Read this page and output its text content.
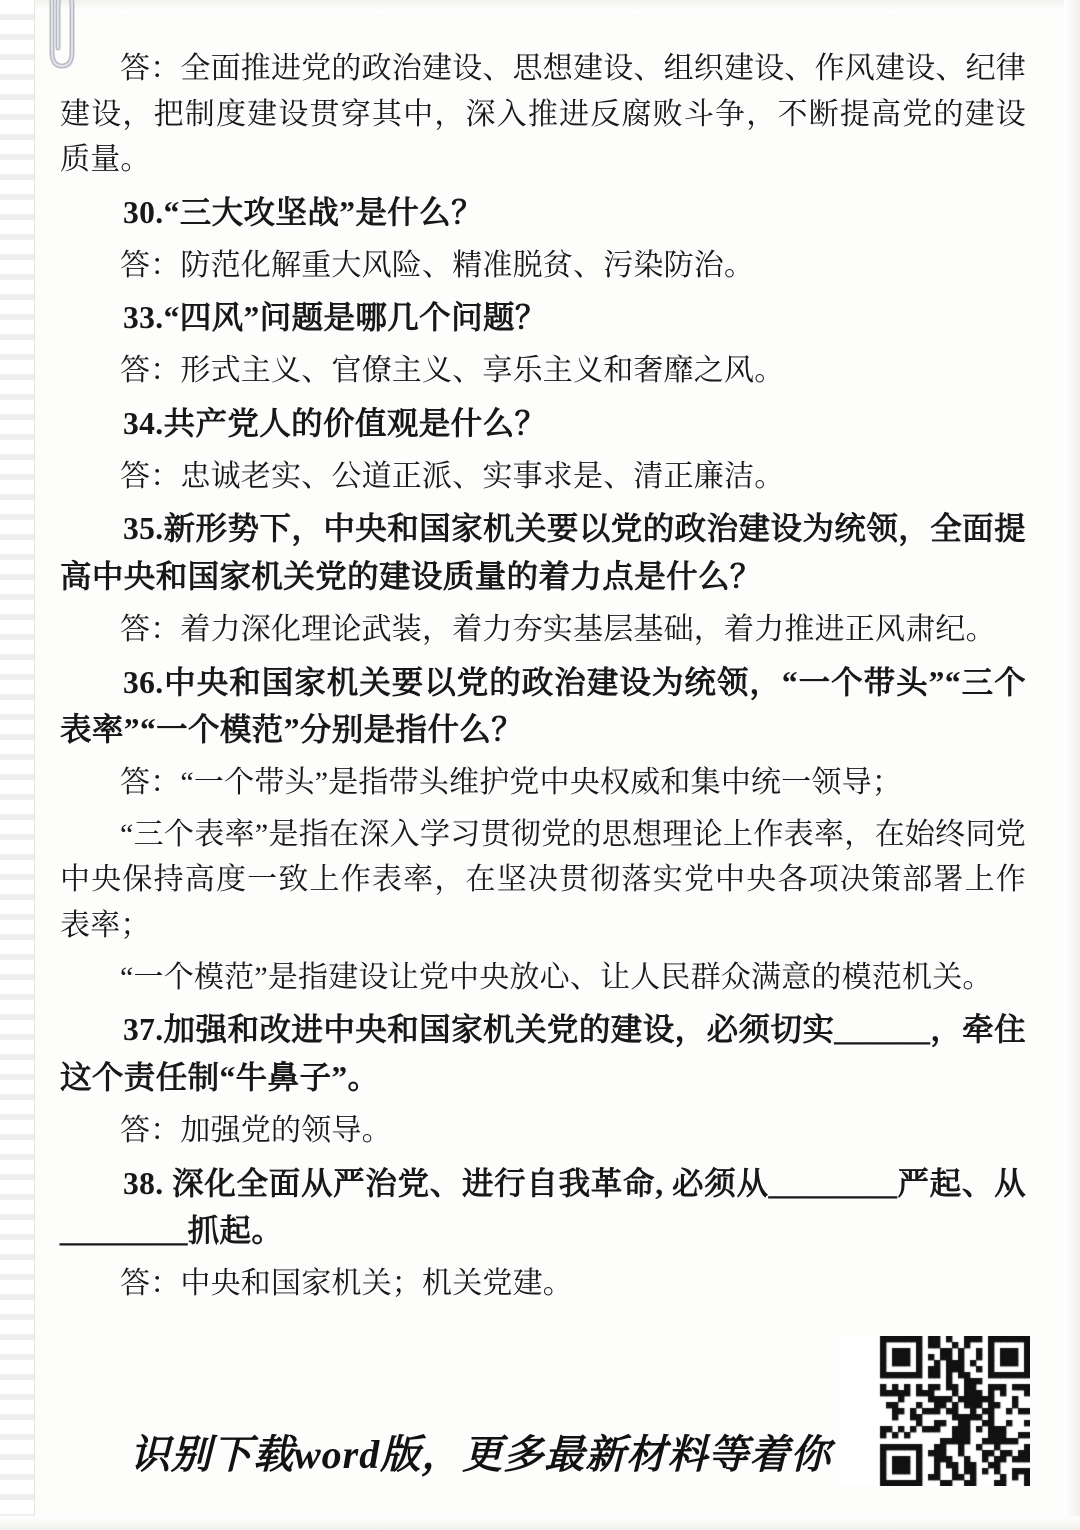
答：全面推进党的政治建设、思想建设、组织建设、作风建设、纪律建设，把制度建设贯穿其中，深入推进反腐败斗争，不断提高党的建设质量。

30.“三大攻坚战”是什么？

答：防范化解重大风险、精准脱贫、污染防治。

33.“四风”问题是哪几个问题？

答：形式主义、官僚主义、享乐主义和奢靡之风。

34.共产党人的价值观是什么？

答：忠诚老实、公道正派、实事求是、清正廉洁。

35.新形势下，中央和国家机关要以党的政治建设为统领，全面提高中央和国家机关党的建设质量的着力点是什么？

答：着力深化理论武装，着力夯实基层基础，着力推进正风肃纪。

36.中央和国家机关要以党的政治建设为统领，“一个带头”“三个表率”“一个模范”分别是指什么？

答：“一个带头”是指带头维护党中央权威和集中统一领导；

“三个表率”是指在深入学习贯彻党的思想理论上作表率，在始终同党中央保持高度一致上作表率，在坚决贯彻落实党中央各项决策部署上作表率；

“一个模范”是指建设让党中央放心、让人民群众满意的模范机关。

37.加强和改进中央和国家机关党的建设，必须切实＿＿＿，牵住这个责任制“牛鼻子”。

答：加强党的领导。

38. 深化全面从严治党、进行自我革命, 必须从＿＿＿＿严起、从＿＿＿＿抓起。

答：中央和国家机关；机关党建。

识别下载word版，更多最新材料等着你
